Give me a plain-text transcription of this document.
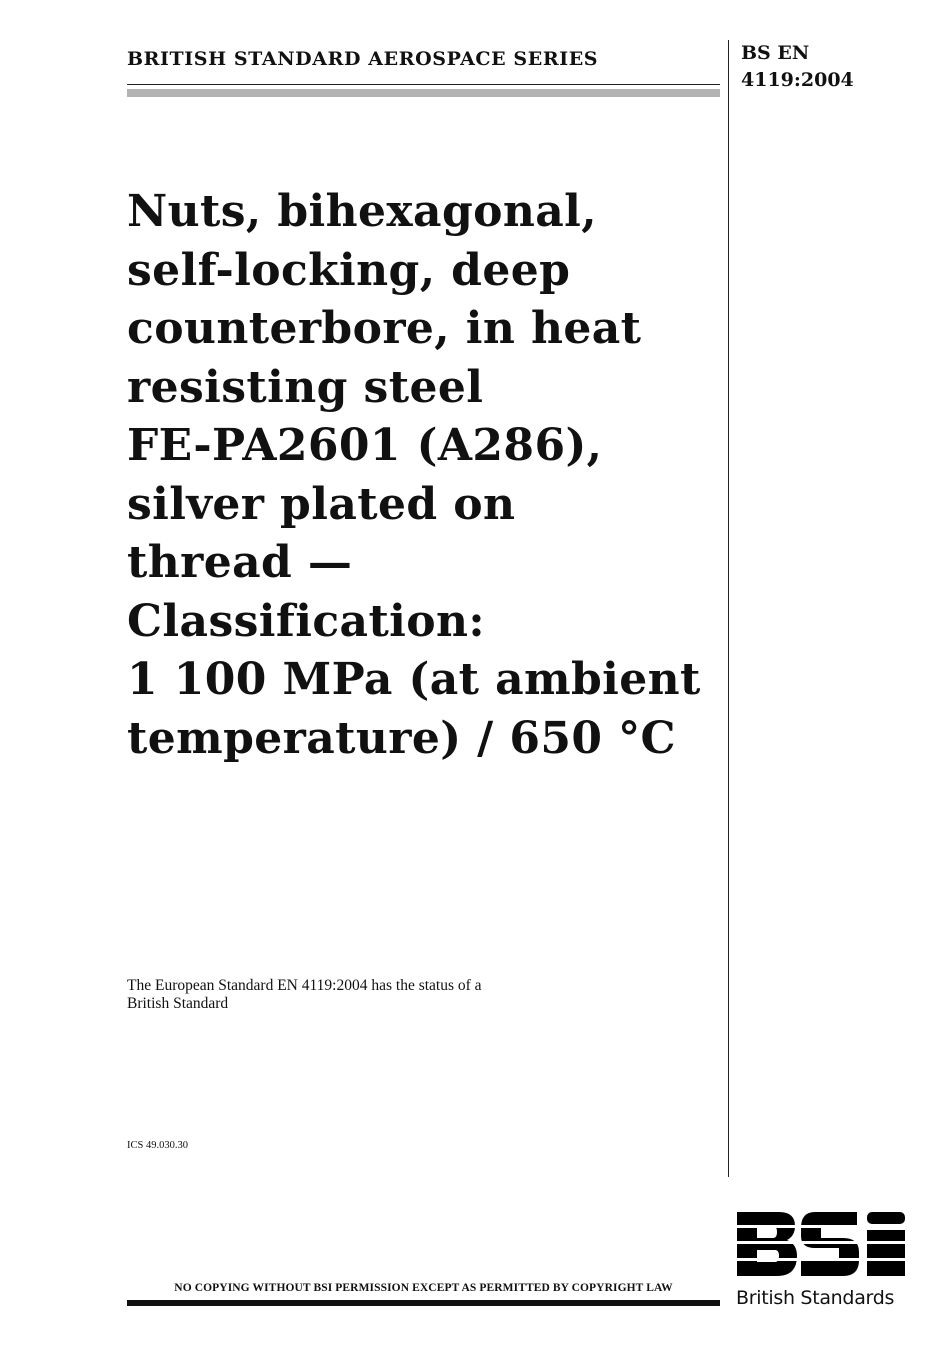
BRITISH STANDARD AEROSPACE SERIES	BS EN
4119:2004
Nuts, bihexagonal,
self-locking, deep
counterbore, in heat
resisting steel
FE-PA2601 (A286),
silver plated on
thread —
Classification:
1 100 MPa (at ambient
temperature) / 650 °C
The European Standard EN 4119:2004 has the status of a
British Standard
ICS 49.030.30
NO COPYING WITHOUT BSI PERMISSION EXCEPT AS PERMITTED BY COPYRIGHT LAW	British Standards
